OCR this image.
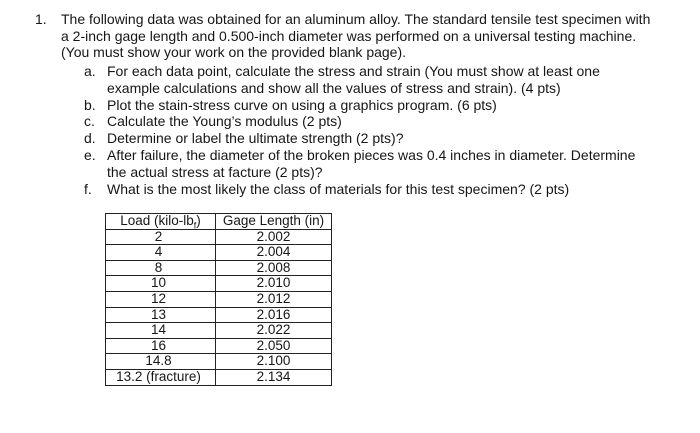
1. The following data was obtained for an aluminum alloy. The standard tensile test specimen with
a 2-inch gage length and 0.500-inch diameter was performed on a universal testing machine.
(You must show your work on the provided blank page).
a. For each data point, calculate the stress and strain (You must show at least one
example calculations and show all the values of stress and strain). (4 pts)
b. Plot the stain-stress curve on using a graphics program. (6 pts)
c. Calculate the Young’s modulus (2 pts)
d. Determine or label the ultimate strength (2 pts)?
e. After failure, the diameter of the broken pieces was 0.4 inches in diameter. Determine
the actual stress at facture (2 pts)?
f. What is the most likely the class of materials for this test specimen? (2 pts)
Load $(kilo-lb_f)$	Gage Length (in)
2	2.002
4	2.004
8	2.008
10	2.010
12	2.012
13	2.016
14	2.022
16	2.050
14.8	2.100
13.2 (fracture)	2.134
